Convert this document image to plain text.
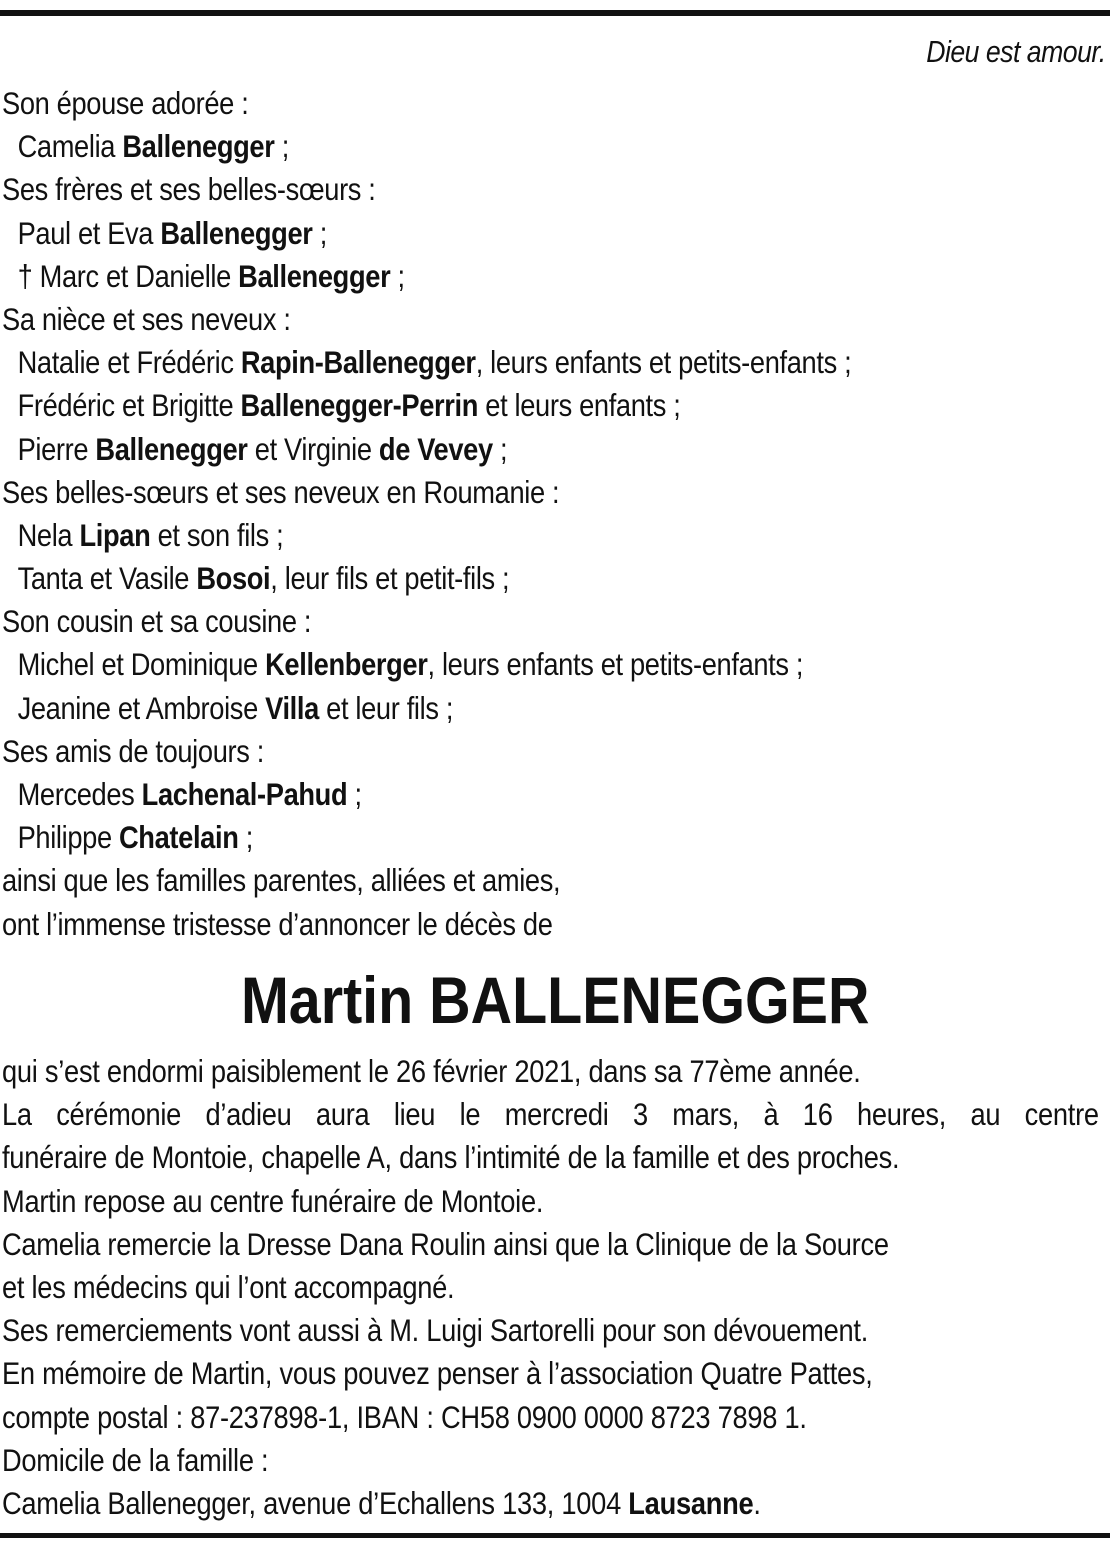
Dieu est amour.
Son épouse adorée :
Camelia Ballenegger ;
Ses frères et ses belles-sœurs :
Paul et Eva Ballenegger ;
† Marc et Danielle Ballenegger ;
Sa nièce et ses neveux :
Natalie et Frédéric Rapin-Ballenegger, leurs enfants et petits-enfants ;
Frédéric et Brigitte Ballenegger-Perrin et leurs enfants ;
Pierre Ballenegger et Virginie de Vevey ;
Ses belles-sœurs et ses neveux en Roumanie :
Nela Lipan et son fils ;
Tanta et Vasile Bosoi, leur fils et petit-fils ;
Son cousin et sa cousine :
Michel et Dominique Kellenberger, leurs enfants et petits-enfants ;
Jeanine et Ambroise Villa et leur fils ;
Ses amis de toujours :
Mercedes Lachenal-Pahud ;
Philippe Chatelain ;
ainsi que les familles parentes, alliées et amies,
ont l’immense tristesse d’annoncer le décès de
Martin BALLENEGGER
qui s’est endormi paisiblement le 26 février 2021, dans sa 77ème année.
La cérémonie d’adieu aura lieu le mercredi 3 mars, à 16 heures, au centre
funéraire de Montoie, chapelle A, dans l’intimité de la famille et des proches.
Martin repose au centre funéraire de Montoie.
Camelia remercie la Dresse Dana Roulin ainsi que la Clinique de la Source
et les médecins qui l’ont accompagné.
Ses remerciements vont aussi à M. Luigi Sartorelli pour son dévouement.
En mémoire de Martin, vous pouvez penser à l’association Quatre Pattes,
compte postal : 87-237898-1, IBAN : CH58 0900 0000 8723 7898 1.
Domicile de la famille :
Camelia Ballenegger, avenue d’Echallens 133, 1004 Lausanne.
